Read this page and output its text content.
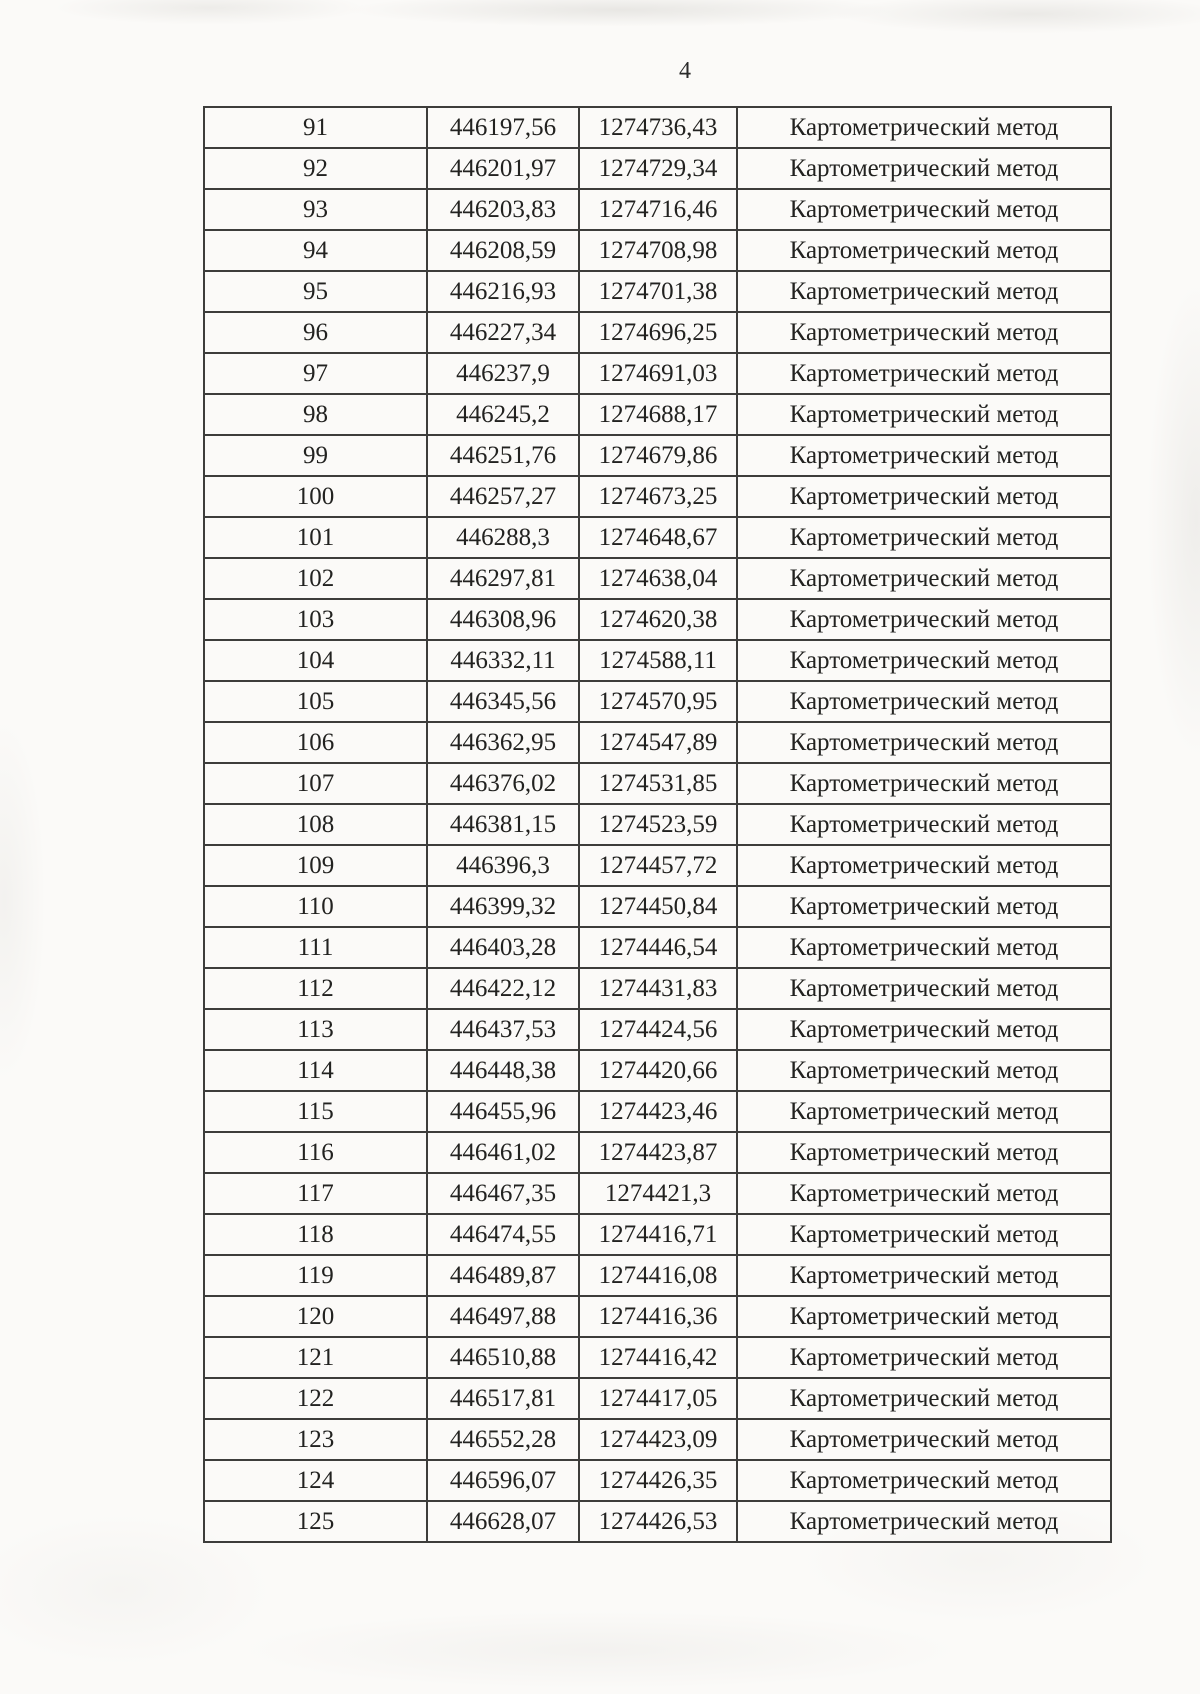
4
91	446197,56	1274736,43	Картометрический метод
92	446201,97	1274729,34	Картометрический метод
93	446203,83	1274716,46	Картометрический метод
94	446208,59	1274708,98	Картометрический метод
95	446216,93	1274701,38	Картометрический метод
96	446227,34	1274696,25	Картометрический метод
97	446237,9	1274691,03	Картометрический метод
98	446245,2	1274688,17	Картометрический метод
99	446251,76	1274679,86	Картометрический метод
100	446257,27	1274673,25	Картометрический метод
101	446288,3	1274648,67	Картометрический метод
102	446297,81	1274638,04	Картометрический метод
103	446308,96	1274620,38	Картометрический метод
104	446332,11	1274588,11	Картометрический метод
105	446345,56	1274570,95	Картометрический метод
106	446362,95	1274547,89	Картометрический метод
107	446376,02	1274531,85	Картометрический метод
108	446381,15	1274523,59	Картометрический метод
109	446396,3	1274457,72	Картометрический метод
110	446399,32	1274450,84	Картометрический метод
111	446403,28	1274446,54	Картометрический метод
112	446422,12	1274431,83	Картометрический метод
113	446437,53	1274424,56	Картометрический метод
114	446448,38	1274420,66	Картометрический метод
115	446455,96	1274423,46	Картометрический метод
116	446461,02	1274423,87	Картометрический метод
117	446467,35	1274421,3	Картометрический метод
118	446474,55	1274416,71	Картометрический метод
119	446489,87	1274416,08	Картометрический метод
120	446497,88	1274416,36	Картометрический метод
121	446510,88	1274416,42	Картометрический метод
122	446517,81	1274417,05	Картометрический метод
123	446552,28	1274423,09	Картометрический метод
124	446596,07	1274426,35	Картометрический метод
125	446628,07	1274426,53	Картометрический метод
